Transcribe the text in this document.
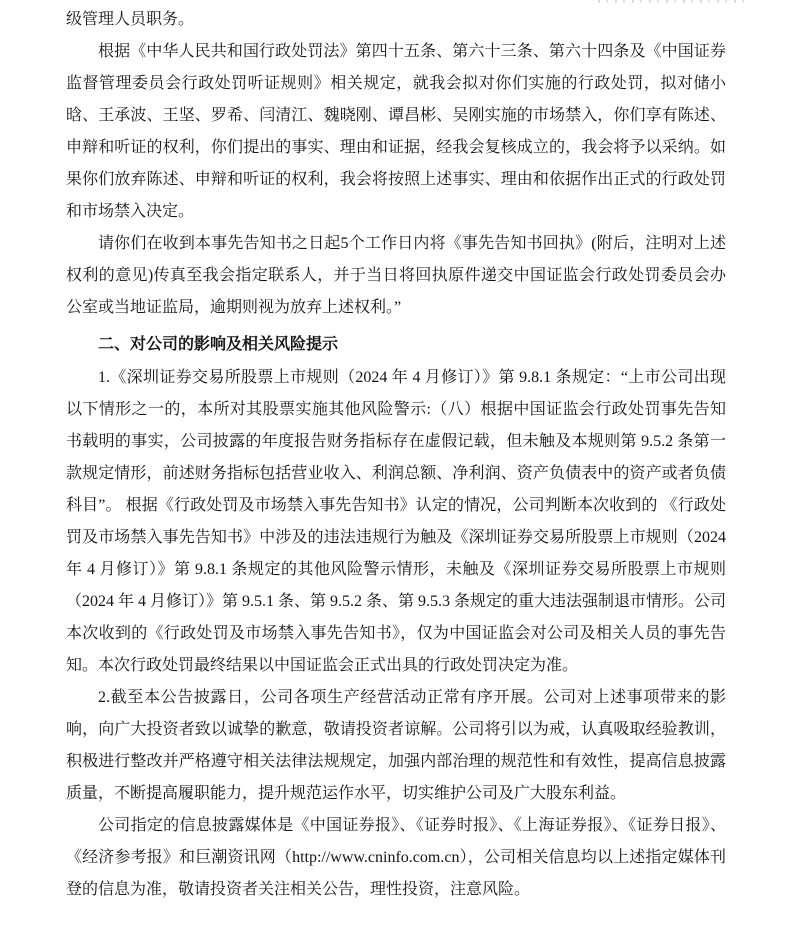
级管理人员职务。

根据《中华人民共和国行政处罚法》第四十五条、第六十三条、第六十四条及《中国证券监督管理委员会行政处罚听证规则》相关规定，就我会拟对你们实施的行政处罚，拟对储小晗、王承波、王坚、罗希、闫清江、魏晓刚、谭昌彬、吴刚实施的市场禁入，你们享有陈述、申辩和听证的权利，你们提出的事实、理由和证据，经我会复核成立的，我会将予以采纳。如果你们放弃陈述、申辩和听证的权利，我会将按照上述事实、理由和依据作出正式的行政处罚和市场禁入决定。

请你们在收到本事先告知书之日起5个工作日内将《事先告知书回执》(附后，注明对上述权利的意见)传真至我会指定联系人，并于当日将回执原件递交中国证监会行政处罚委员会办公室或当地证监局，逾期则视为放弃上述权利。”

二、对公司的影响及相关风险提示

1.《深圳证券交易所股票上市规则（2024 年 4 月修订）》第 9.8.1 条规定：“上市公司出现以下情形之一的，本所对其股票实施其他风险警示:（八）根据中国证监会行政处罚事先告知书载明的事实，公司披露的年度报告财务指标存在虚假记载，但未触及本规则第 9.5.2 条第一款规定情形，前述财务指标包括营业收入、利润总额、净利润、资产负债表中的资产或者负债科目”。 根据《行政处罚及市场禁入事先告知书》认定的情况，公司判断本次收到的 《行政处罚及市场禁入事先告知书》中涉及的违法违规行为触及《深圳证券交易所股票上市规则（2024 年 4 月修订）》第 9.8.1 条规定的其他风险警示情形，未触及《深圳证券交易所股票上市规则（2024 年 4 月修订）》第 9.5.1 条、第 9.5.2 条、第 9.5.3 条规定的重大违法强制退市情形。公司本次收到的《行政处罚及市场禁入事先告知书》，仅为中国证监会对公司及相关人员的事先告知。本次行政处罚最终结果以中国证监会正式出具的行政处罚决定为准。

2.截至本公告披露日，公司各项生产经营活动正常有序开展。公司对上述事项带来的影响，向广大投资者致以诚挚的歉意，敬请投资者谅解。公司将引以为戒，认真吸取经验教训，积极进行整改并严格遵守相关法律法规规定，加强内部治理的规范性和有效性，提高信息披露质量，不断提高履职能力，提升规范运作水平，切实维护公司及广大股东利益。

公司指定的信息披露媒体是《中国证券报》、《证券时报》、《上海证券报》、《证券日报》、《经济参考报》和巨潮资讯网（http://www.cninfo.com.cn），公司相关信息均以上述指定媒体刊登的信息为准，敬请投资者关注相关公告，理性投资，注意风险。
